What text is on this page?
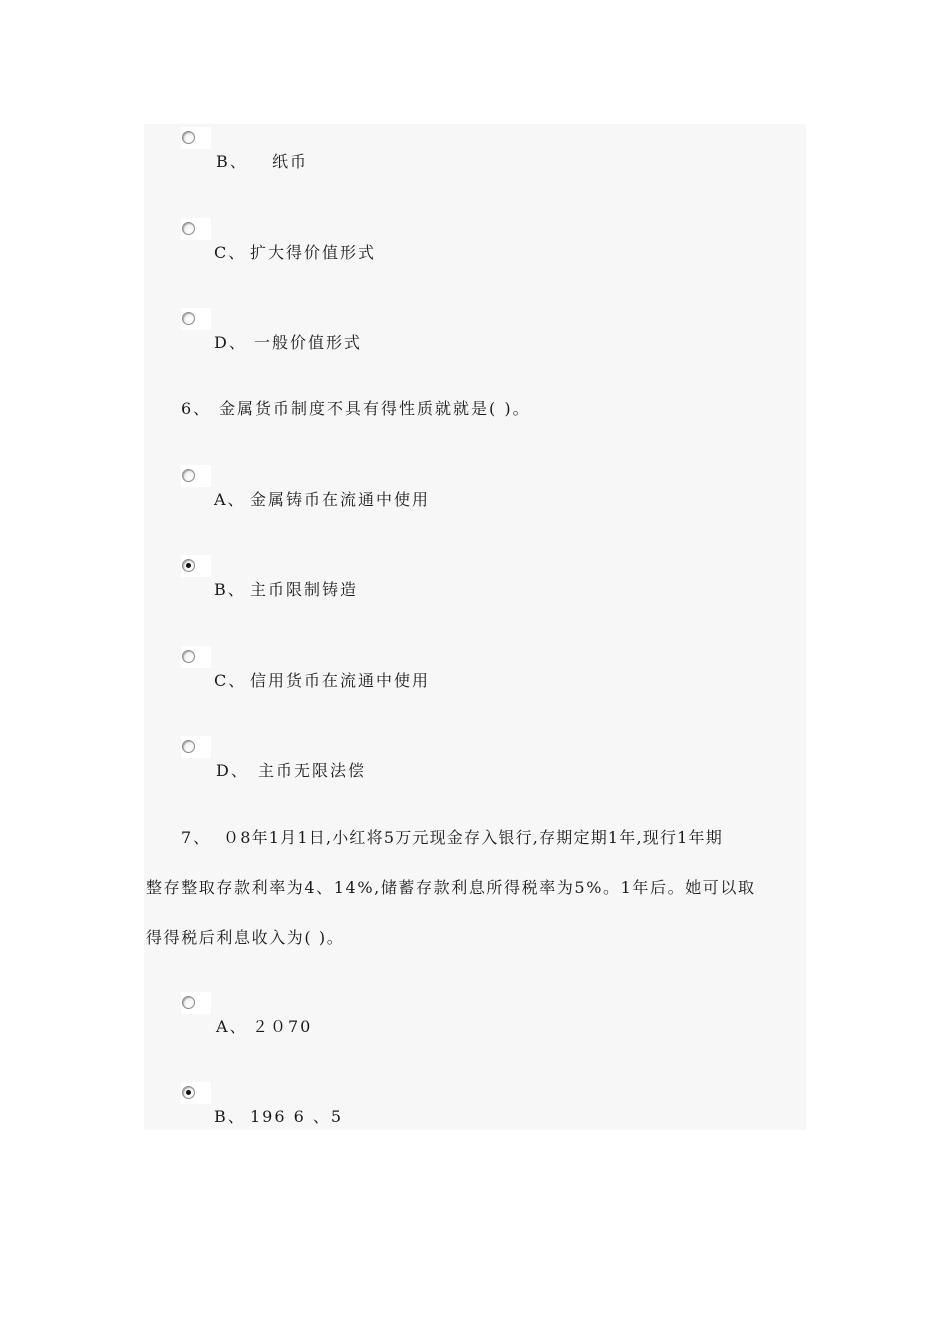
B、 纸币
C、 扩大得价值形式
D、 一般价值形式
6、 金属货币制度不具有得性质就就是( )。
A、 金属铸币在流通中使用
B、 主币限制铸造
C、 信用货币在流通中使用
D、 主币无限法偿
7、 ０8年1月1日,小红将5万元现金存入银行,存期定期1年,现行1年期
整存整取存款利率为4、14%,储蓄存款利息所得税率为5%。1年后。她可以取
得得税后利息收入为( )。
A、 ２０70
B、 196 6 、5
